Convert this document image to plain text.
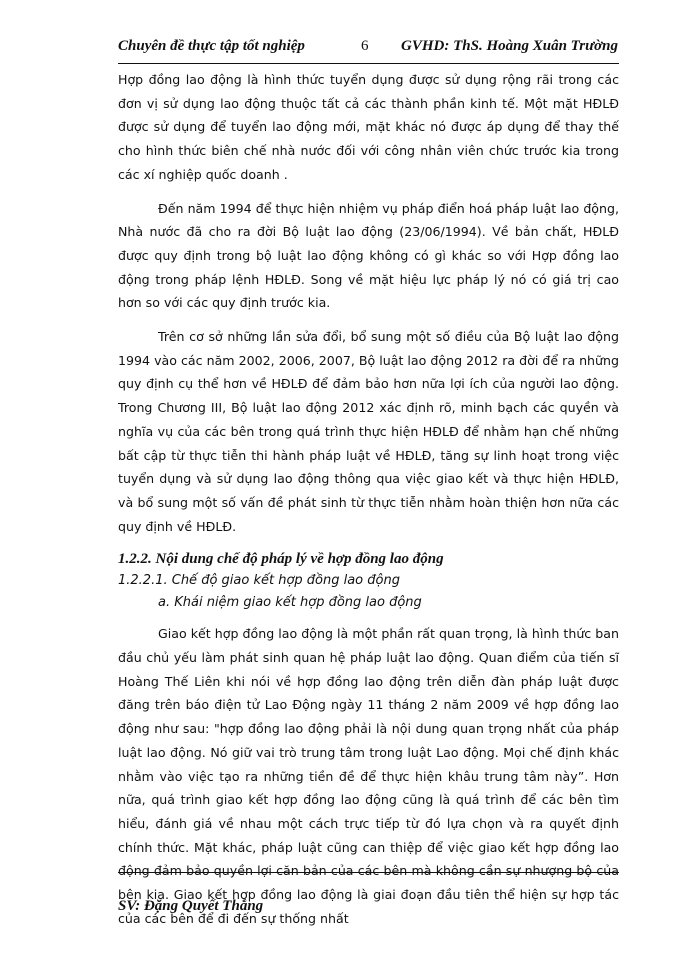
Chuyên đề thực tập tốt nghiệp	6 GVHD: ThS. Hoàng Xuân Trường

Hợp đồng lao động là hình thức tuyển dụng được sử dụng rộng rãi trong các đơn vị sử dụng lao động thuộc tất cả các thành phần kinh tế. Một mặt HĐLĐ được sử dụng để tuyển lao động mới, mặt khác nó được áp dụng để thay thế cho hình thức biên chế nhà nước đối với công nhân viên chức trước kia trong các xí nghiệp quốc doanh .

Đến năm 1994 để thực hiện nhiệm vụ pháp điển hoá pháp luật lao động, Nhà nước đã cho ra đời Bộ luật lao động (23/06/1994). Về bản chất, HĐLĐ được quy định trong bộ luật lao động không có gì khác so với Hợp đồng lao động trong pháp lệnh HĐLĐ. Song về mặt hiệu lực pháp lý nó có giá trị cao hơn so với các quy định trước kia.

Trên cơ sở những lần sửa đổi, bổ sung một số điều của Bộ luật lao động 1994 vào các năm 2002, 2006, 2007, Bộ luật lao động 2012 ra đời để ra những quy định cụ thể hơn về HĐLĐ để đảm bảo hơn nữa lợi ích của người lao động. Trong Chương III, Bộ luật lao động 2012 xác định rõ, minh bạch các quyền và nghĩa vụ của các bên trong quá trình thực hiện HĐLĐ để nhằm hạn chế những bất cập từ thực tiễn thi hành pháp luật về HĐLĐ, tăng sự linh hoạt trong việc tuyển dụng và sử dụng lao động thông qua việc giao kết và thực hiện HĐLĐ, và bổ sung một số vấn đề phát sinh từ thực tiễn nhằm hoàn thiện hơn nữa các quy định về HĐLĐ.

1.2.2. Nội dung chế độ pháp lý về hợp đồng lao động
1.2.2.1. Chế độ giao kết hợp đồng lao động
a. Khái niệm giao kết hợp đồng lao động

Giao kết hợp đồng lao động là một phần rất quan trọng, là hình thức ban đầu chủ yếu làm phát sinh quan hệ pháp luật lao động. Quan điểm của tiến sĩ Hoàng Thế Liên khi nói về hợp đồng lao động trên diễn đàn pháp luật được đăng trên báo điện tử Lao Động ngày 11 tháng 2 năm 2009 về hợp đồng lao động như sau: "hợp đồng lao động phải là nội dung quan trọng nhất của pháp luật lao động. Nó giữ vai trò trung tâm trong luật Lao động. Mọi chế định khác nhằm vào việc tạo ra những tiền đề để thực hiện khâu trung tâm này”. Hơn nữa, quá trình giao kết hợp đồng lao động cũng là quá trình để các bên tìm hiểu, đánh giá về nhau một cách trực tiếp từ đó lựa chọn và ra quyết định chính thức. Mặt khác, pháp luật cũng can thiệp để việc giao kết hợp đồng lao động đảm bảo quyền lợi căn bản của các bên mà không cần sự nhượng bộ của bên kia. Giao kết hợp đồng lao động là giai đoạn đầu tiên thể hiện sự hợp tác của các bên để đi đến sự thống nhất

SV: Đặng Quyết Thắng
